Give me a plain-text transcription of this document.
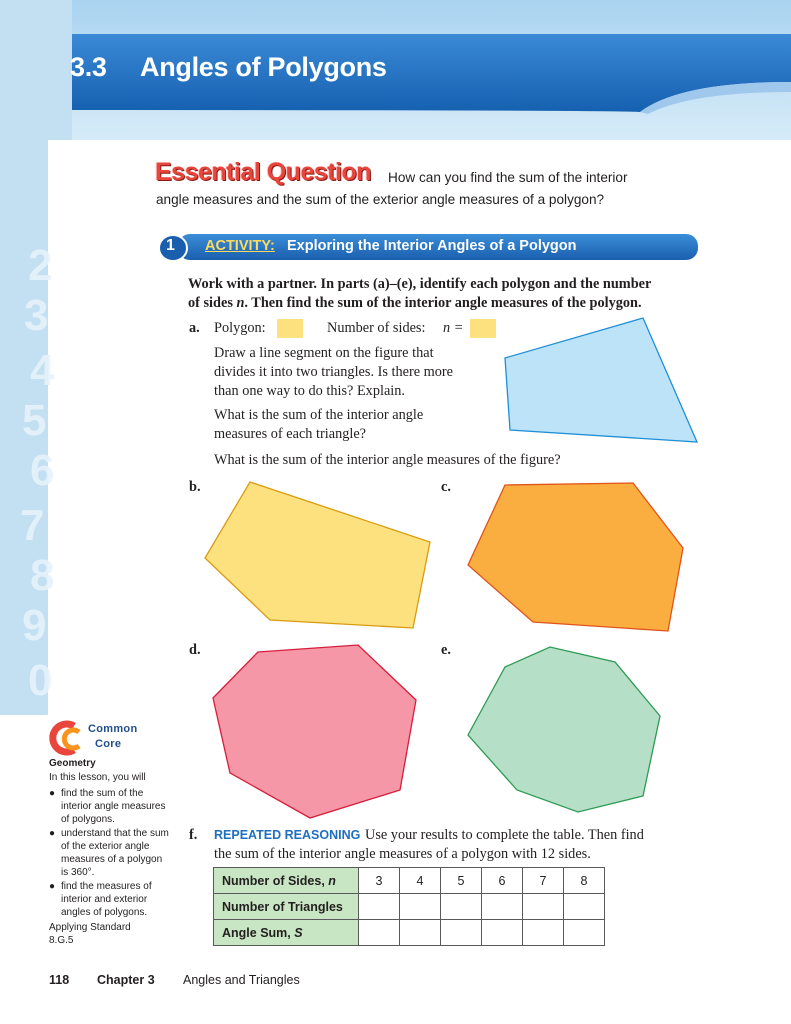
3.3 Angles of Polygons
2
3
4
5
6
7
8
9
0
Essential Question How can you find the sum of the interior
angle measures and the sum of the exterior angle measures of a polygon?
1 ACTIVITY: Exploring the Interior Angles of a Polygon
Work with a partner. In parts (a)–(e), identify each polygon and the number
of sides n. Then find the sum of the interior angle measures of the polygon.
a. Polygon:	Number of sides: n =
Draw a line segment on the figure that
divides it into two triangles. Is there more
than one way to do this? Explain.
What is the sum of the interior angle
measures of each triangle?
What is the sum of the interior angle measures of the figure?
b.	c.
d.	e.
f. REPEATED REASONING Use your results to complete the table. Then find
the sum of the interior angle measures of a polygon with 12 sides.
Number of Sides, n	3	4	5	6	7	8
Number of Triangles						
Angle Sum, S						
Common
Core
Geometry
In this lesson, you will
● find the sum of the
interior angle measures
of polygons.
● understand that the sum
of the exterior angle
measures of a polygon
is 360°.
● find the measures of
interior and exterior
angles of polygons.
Applying Standard
8.G.5
118 Chapter 3 Angles and Triangles
